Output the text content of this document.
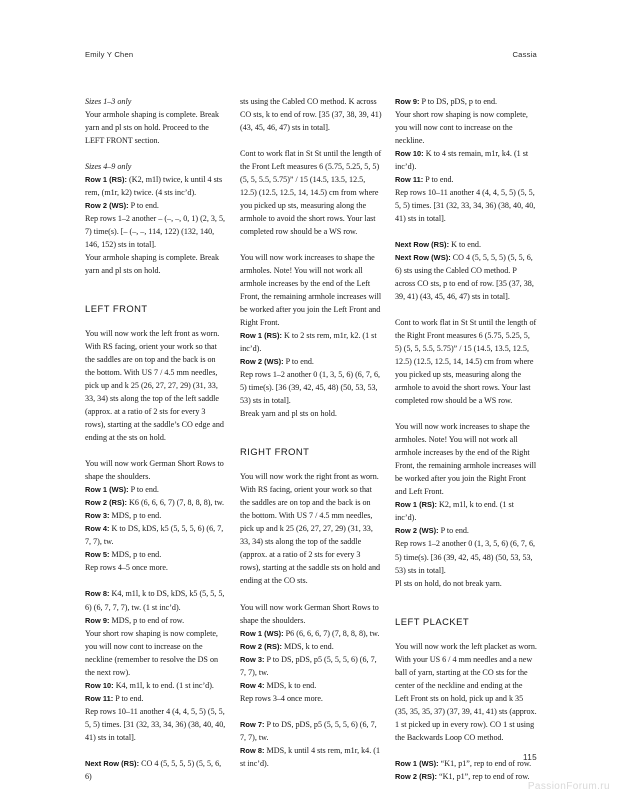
Emily Y Chen	Cassia

Sizes 1–3 only

Your armhole shaping is complete. Break yarn and pl sts on hold. Proceed to the LEFT FRONT section.

Sizes 4–9 only

Row 1 (RS): (K2, m1l) twice, k until 4 sts rem, (m1r, k2) twice. (4 sts inc’d).

Row 2 (WS): P to end.

Rep rows 1–2 another – (–, –, 0, 1) (2, 3, 5, 7) time(s). [– (–, –, 114, 122) (132, 140, 146, 152) sts in total].

Your armhole shaping is complete. Break yarn and pl sts on hold.

LEFT FRONT

You will now work the left front as worn. With RS facing, orient your work so that the saddles are on top and the back is on the bottom. With US 7 / 4.5 mm needles, pick up and k 25 (26, 27, 27, 29) (31, 33, 33, 34) sts along the top of the left saddle (approx. at a ratio of 2 sts for every 3 rows), starting at the saddle’s CO edge and ending at the sts on hold.

You will now work German Short Rows to shape the shoulders.

Row 1 (WS): P to end.

Row 2 (RS): K6 (6, 6, 6, 7) (7, 8, 8, 8), tw.

Row 3: MDS, p to end.

Row 4: K to DS, kDS, k5 (5, 5, 5, 6) (6, 7, 7, 7), tw.

Row 5: MDS, p to end.

Rep rows 4–5 once more.

Row 8: K4, m1l, k to DS, kDS, k5 (5, 5, 5, 6) (6, 7, 7, 7), tw. (1 st inc’d).

Row 9: MDS, p to end of row.

Your short row shaping is now complete, you will now cont to increase on the neckline (remember to resolve the DS on the next row).

Row 10: K4, m1l, k to end. (1 st inc’d).

Row 11: P to end.

Rep rows 10–11 another 4 (4, 4, 5, 5) (5, 5, 5, 5) times. [31 (32, 33, 34, 36) (38, 40, 40, 41) sts in total].

Next Row (RS): CO 4 (5, 5, 5, 5) (5, 5, 6, 6)

sts using the Cabled CO method. K across CO sts, k to end of row. [35 (37, 38, 39, 41) (43, 45, 46, 47) sts in total].

Cont to work flat in St St until the length of the Front Left measures 6 (5.75, 5.25, 5, 5) (5, 5, 5.5, 5.75)” / 15 (14.5, 13.5, 12.5, 12.5) (12.5, 12.5, 14, 14.5) cm from where you picked up sts, measuring along the armhole to avoid the short rows. Your last completed row should be a WS row.

You will now work increases to shape the armholes. Note! You will not work all armhole increases by the end of the Left Front, the remaining armhole increases will be worked after you join the Left Front and Right Front.

Row 1 (RS): K to 2 sts rem, m1r, k2. (1 st inc’d).

Row 2 (WS): P to end.

Rep rows 1–2 another 0 (1, 3, 5, 6) (6, 7, 6, 5) time(s). [36 (39, 42, 45, 48) (50, 53, 53, 53) sts in total].

Break yarn and pl sts on hold.

RIGHT FRONT

You will now work the right front as worn. With RS facing, orient your work so that the saddles are on top and the back is on the bottom. With US 7 / 4.5 mm needles, pick up and k 25 (26, 27, 27, 29) (31, 33, 33, 34) sts along the top of the saddle (approx. at a ratio of 2 sts for every 3 rows), starting at the saddle sts on hold and ending at the CO sts.

You will now work German Short Rows to shape the shoulders.

Row 1 (WS): P6 (6, 6, 6, 7) (7, 8, 8, 8), tw.

Row 2 (RS): MDS, k to end.

Row 3: P to DS, pDS, p5 (5, 5, 5, 6) (6, 7, 7, 7), tw.

Row 4: MDS, k to end.

Rep rows 3–4 once more.

Row 7: P to DS, pDS, p5 (5, 5, 5, 6) (6, 7, 7, 7), tw.

Row 8: MDS, k until 4 sts rem, m1r, k4. (1 st inc’d).

Row 9: P to DS, pDS, p to end.

Your short row shaping is now complete, you will now cont to increase on the neckline.

Row 10: K to 4 sts remain, m1r, k4. (1 st inc’d).

Row 11: P to end.

Rep rows 10–11 another 4 (4, 4, 5, 5) (5, 5, 5, 5) times. [31 (32, 33, 34, 36) (38, 40, 40, 41) sts in total].

Next Row (RS): K to end.

Next Row (WS): CO 4 (5, 5, 5, 5) (5, 5, 6, 6) sts using the Cabled CO method. P across CO sts, p to end of row. [35 (37, 38, 39, 41) (43, 45, 46, 47) sts in total].

Cont to work flat in St St until the length of the Right Front measures 6 (5.75, 5.25, 5, 5) (5, 5, 5.5, 5.75)” / 15 (14.5, 13.5, 12.5, 12.5) (12.5, 12.5, 14, 14.5) cm from where you picked up sts, measuring along the armhole to avoid the short rows. Your last completed row should be a WS row.

You will now work increases to shape the armholes. Note! You will not work all armhole increases by the end of the Right Front, the remaining armhole increases will be worked after you join the Right Front and Left Front.

Row 1 (RS): K2, m1l, k to end. (1 st inc’d).

Row 2 (WS): P to end.

Rep rows 1–2 another 0 (1, 3, 5, 6) (6, 7, 6, 5) time(s). [36 (39, 42, 45, 48) (50, 53, 53, 53) sts in total].

Pl sts on hold, do not break yarn.

LEFT PLACKET

You will now work the left placket as worn. With your US 6 / 4 mm needles and a new ball of yarn, starting at the CO sts for the center of the neckline and ending at the Left Front sts on hold, pick up and k 35 (35, 35, 35, 37) (37, 39, 41, 41) sts (approx. 1 st picked up in every row). CO 1 st using the Backwards Loop CO method.

Row 1 (WS): “K1, p1”, rep to end of row.

Row 2 (RS): “K1, p1”, rep to end of row.

115
PassionForum.ru
